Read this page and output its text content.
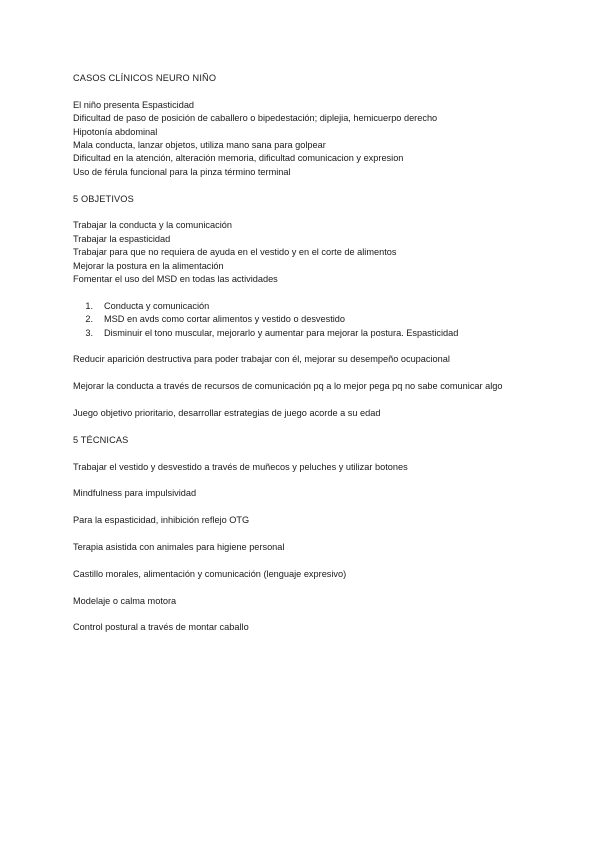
CASOS CLÍNICOS NEURO NIÑO
El niño presenta Espasticidad
Dificultad de paso de posición de caballero o bipedestación; diplejia, hemicuerpo derecho
Hipotonía abdominal
Mala conducta, lanzar objetos, utiliza mano sana para golpear
Dificultad en la atención, alteración memoria, dificultad comunicacion y expresion
Uso de férula funcional para la pinza término terminal
5 OBJETIVOS
Trabajar la conducta y la comunicación
Trabajar la espasticidad
Trabajar para que no requiera de ayuda en el vestido y en el corte de alimentos
Mejorar la postura en la alimentación
Fomentar el uso del MSD en todas las actividades
1.	Conducta y comunicación
2.	MSD en avds como cortar alimentos y vestido o desvestido
3.	Disminuir el tono muscular, mejorarlo y aumentar para mejorar la postura. Espasticidad
Reducir aparición destructiva para poder trabajar con él, mejorar su desempeño ocupacional
Mejorar la conducta a través de recursos de comunicación pq a lo mejor pega pq no sabe comunicar algo
Juego objetivo prioritario, desarrollar estrategias de juego acorde a su edad
5 TÉCNICAS
Trabajar el vestido y desvestido a través de muñecos y peluches y utilizar botones
Mindfulness para impulsividad
Para la espasticidad, inhibición reflejo OTG
Terapia asistida con animales para higiene personal
Castillo morales, alimentación y comunicación (lenguaje expresivo)
Modelaje o calma motora
Control postural a través de montar caballo
